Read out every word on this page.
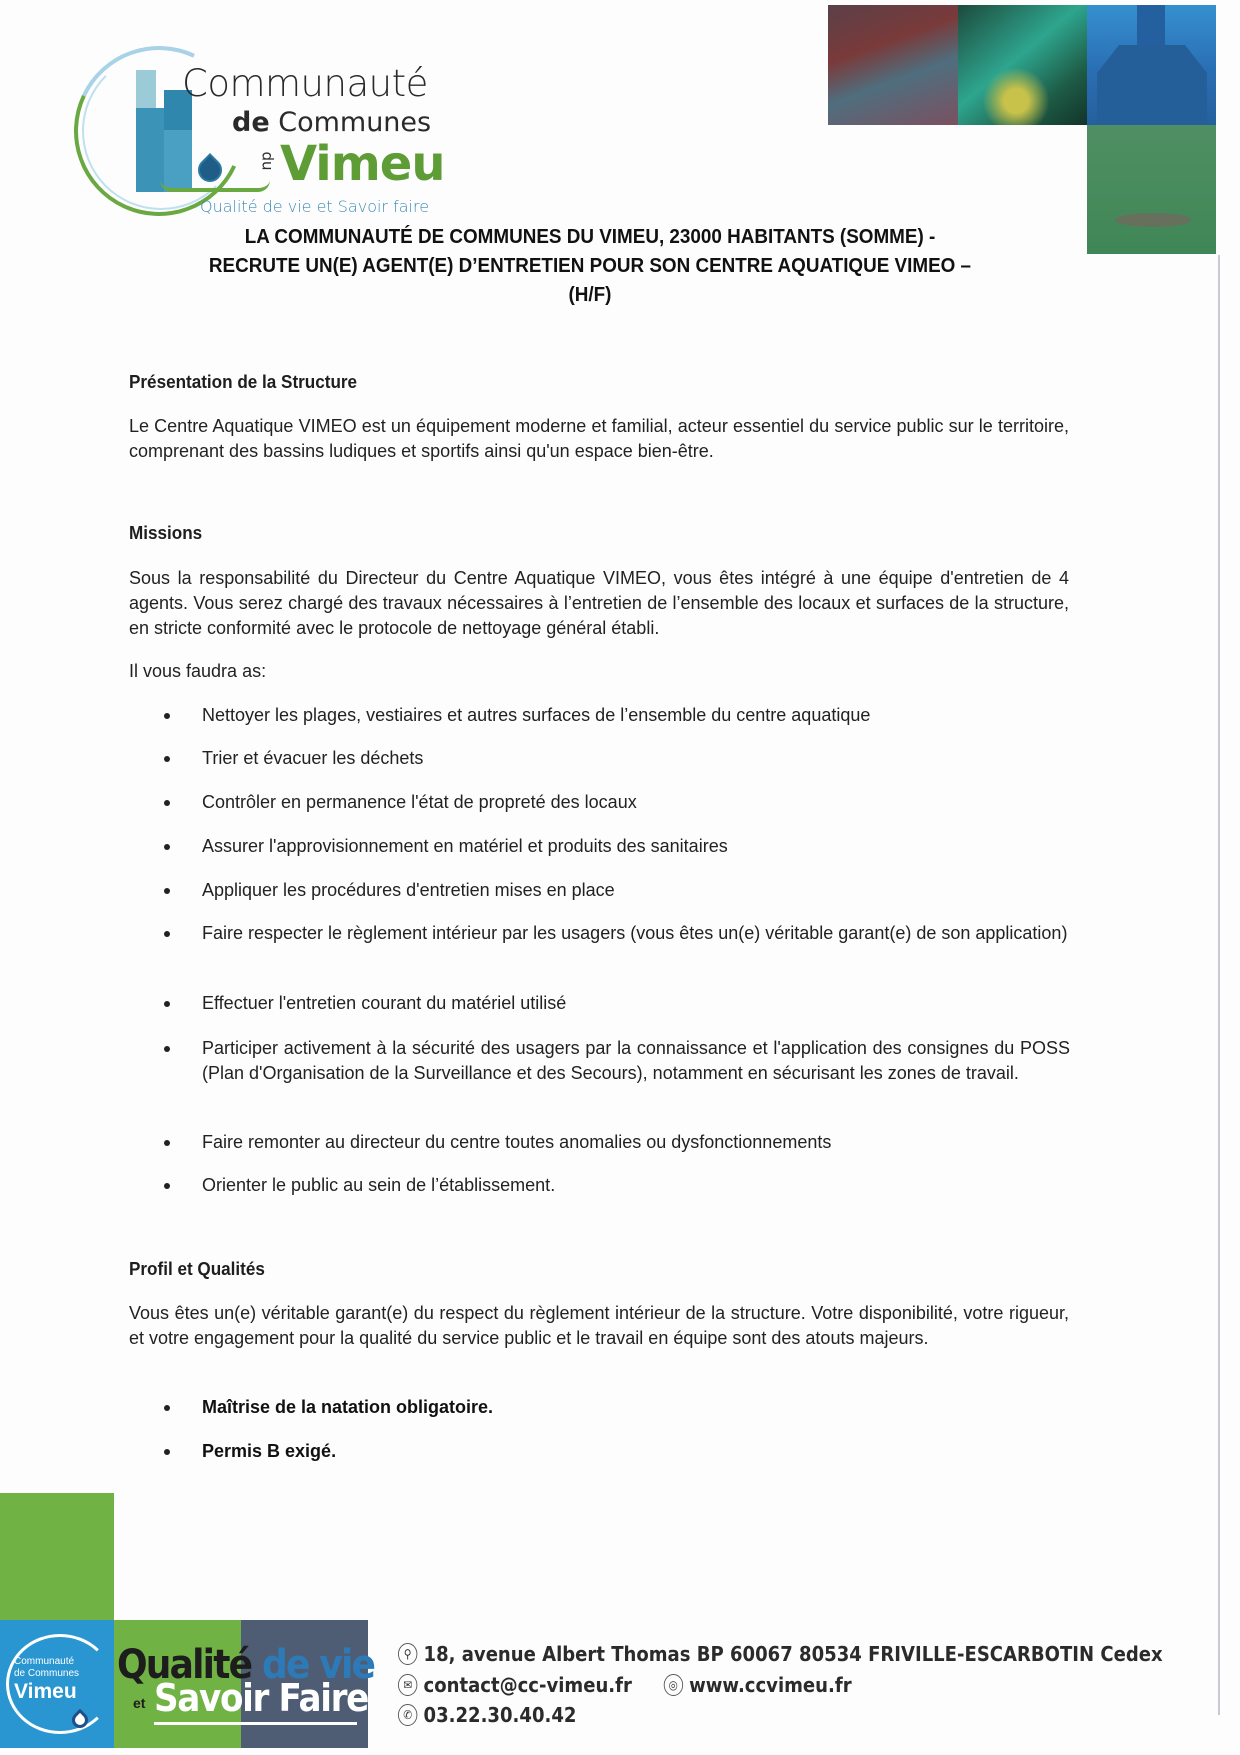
Communauté
de Communes
du Vimeu
Qualité de vie et Savoir faire
LA COMMUNAUTÉ DE COMMUNES DU VIMEU, 23000 HABITANTS (SOMME) -
RECRUTE UN(E) AGENT(E) D’ENTRETIEN POUR SON CENTRE AQUATIQUE VIMEO –
(H/F)
Présentation de la Structure
Le Centre Aquatique VIMEO est un équipement moderne et familial, acteur essentiel du service public sur le territoire, comprenant des bassins ludiques et sportifs ainsi qu'un espace bien-être.
Missions
Sous la responsabilité du Directeur du Centre Aquatique VIMEO, vous êtes intégré à une équipe d'entretien de 4 agents. Vous serez chargé des travaux nécessaires à l’entretien de l’ensemble des locaux et surfaces de la structure, en stricte conformité avec le protocole de nettoyage général établi.
Il vous faudra as:
Nettoyer les plages, vestiaires et autres surfaces de l’ensemble du centre aquatique
Trier et évacuer les déchets
Contrôler en permanence l'état de propreté des locaux
Assurer l'approvisionnement en matériel et produits des sanitaires
Appliquer les procédures d'entretien mises en place
Faire respecter le règlement intérieur par les usagers (vous êtes un(e) véritable garant(e) de son application)
Effectuer l'entretien courant du matériel utilisé
Participer activement à la sécurité des usagers par la connaissance et l'application des consignes du POSS (Plan d'Organisation de la Surveillance et des Secours), notamment en sécurisant les zones de travail.
Faire remonter au directeur du centre toutes anomalies ou dysfonctionnements
Orienter le public au sein de l’établissement.
Profil et Qualités
Vous êtes un(e) véritable garant(e) du respect du règlement intérieur de la structure. Votre disponibilité, votre rigueur, et votre engagement pour la qualité du service public et le travail en équipe sont des atouts majeurs.
Maîtrise de la natation obligatoire.
Permis B exigé.
Communauté
de Communes
Vimeu
Qualité de vie
et Savoir Faire
⚲ 18, avenue Albert Thomas BP 60067 80534 FRIVILLE-ESCARBOTIN Cedex
✉ contact@cc-vimeu.fr	◎ www.ccvimeu.fr
✆ 03.22.30.40.42
